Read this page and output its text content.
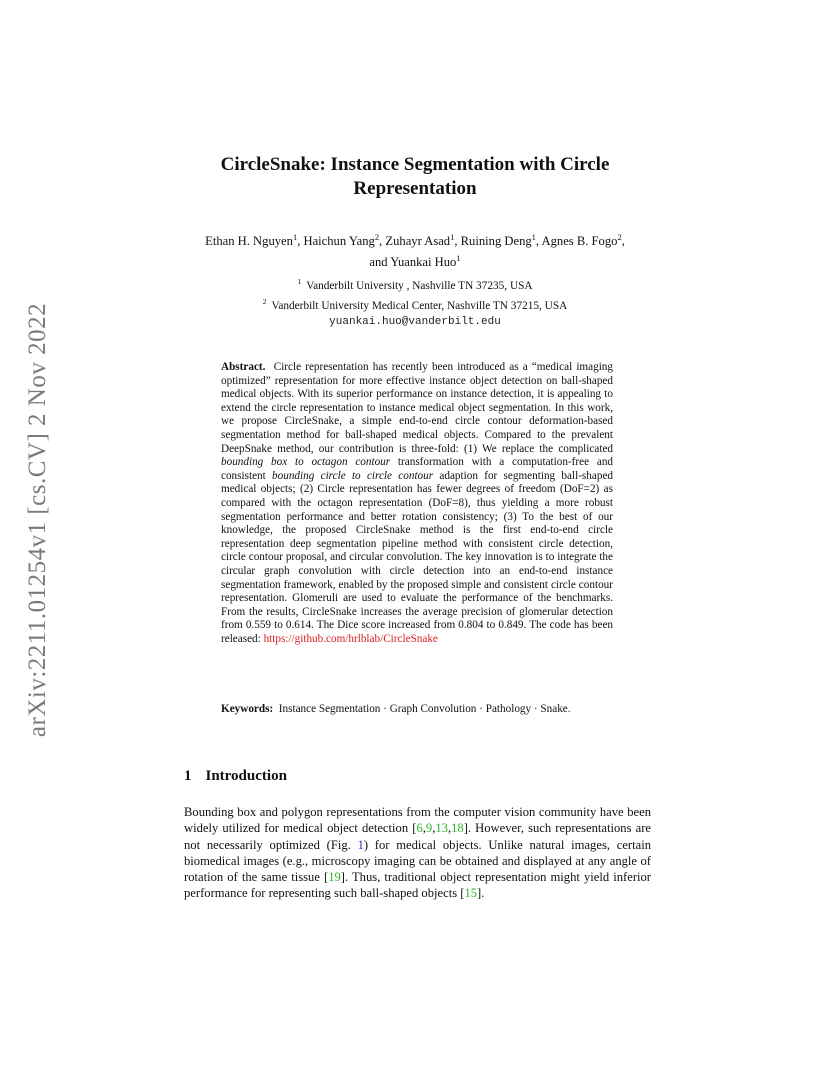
arXiv:2211.01254v1 [cs.CV] 2 Nov 2022
CircleSnake: Instance Segmentation with Circle Representation
Ethan H. Nguyen$^1$, Haichun Yang$^2$, Zuhayr Asad$^1$, Ruining Deng$^1$, Agnes B. Fogo$^2$,
and Yuankai Huo$^1$
$^1$ Vanderbilt University , Nashville TN 37235, USA
$^2$ Vanderbilt University Medical Center, Nashville TN 37215, USA
yuankai.huo@vanderbilt.edu

Abstract. Circle representation has recently been introduced as a “medical imaging optimized” representation for more effective instance object detection on ball-shaped medical objects. With its superior performance on instance detection, it is appealing to extend the circle representation to instance medical object segmentation. In this work, we propose CircleSnake, a simple end-to-end circle contour deformation-based segmentation method for ball-shaped medical objects. Compared to the prevalent DeepSnake method, our contribution is three-fold: (1) We replace the complicated bounding box to octagon contour transformation with a computation-free and consistent bounding circle to circle contour adaption for segmenting ball-shaped medical objects; (2) Circle representation has fewer degrees of freedom (DoF=2) as compared with the octagon representation (DoF=8), thus yielding a more robust segmentation performance and better rotation consistency; (3) To the best of our knowledge, the proposed CircleSnake method is the first end-to-end circle representation deep segmentation pipeline method with consistent circle detection, circle contour proposal, and circular convolution. The key innovation is to integrate the circular graph convolution with circle detection into an end-to-end instance segmentation framework, enabled by the proposed simple and consistent circle contour representation. Glomeruli are used to evaluate the performance of the benchmarks. From the results, CircleSnake increases the average precision of glomerular detection from 0.559 to 0.614. The Dice score increased from 0.804 to 0.849. The code has been released: https://github.com/hrlblab/CircleSnake

Keywords: Instance Segmentation · Graph Convolution · Pathology · Snake.
1 Introduction

Bounding box and polygon representations from the computer vision community have been widely utilized for medical object detection [6,9,13,18]. However, such representations are not necessarily optimized (Fig. 1) for medical objects. Unlike natural images, certain biomedical images (e.g., microscopy imaging can be obtained and displayed at any angle of rotation of the same tissue [19]. Thus, traditional object representation might yield inferior performance for representing such ball-shaped objects [15].
